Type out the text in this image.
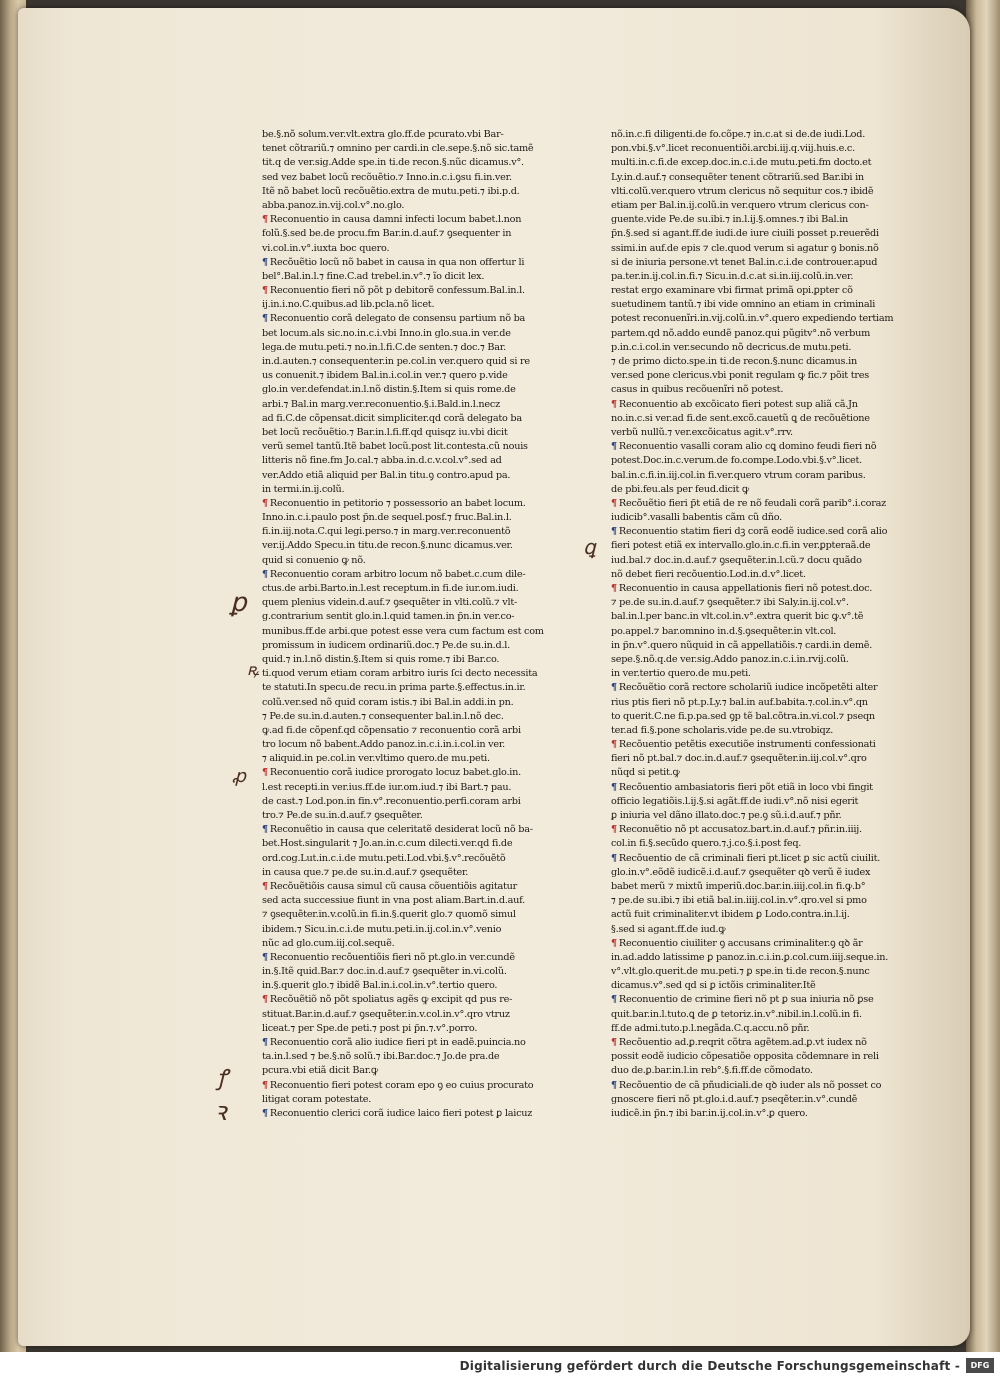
be.§.nõ solum.ver.vlt.extra glo.ff.de pcurato.vbi Bar-
tenet cõtrariũ.⁊ omnino per cardi.in cle.sepe.§.nõ sic.tamẽ
tit.q de ver.sig.Adde spe.in ti.de recon.§.nũc dicamus.v°.
sed vez babet locũ recõuẽtio.⁊ Inno.in.c.i.ꝯsu fi.in.ver.
Itẽ nõ babet locũ recõuẽtio.extra de mutu.peti.⁊ ibi.p.d.
abba.panoz.in.vij.col.v°.no.glo.
¶ Reconuentio in causa damni infecti locum babet.l.non
folũ.§.sed be.de procu.fm Bar.in.d.auf.⁊ ꝯsequenter in
vi.col.in.v°.iuxta boc quero.
¶ Recõuẽtio locũ nõ babet in causa in qua non offertur li
bel°.Bal.in.l.⁊ fine.C.ad trebel.in.v°.⁊ ĩo dicit lex.
¶ Reconuentio fieri nõ põt p debitorẽ confessum.Bal.in.l.
ij.in.i.no.C.quibus.ad lib.pcla.nõ licet.
¶ Reconuentio corã delegato de consensu partium nõ ba
bet locum.als sic.no.in.c.i.vbi Inno.in glo.sua.in ver.de
lega.de mutu.peti.⁊ no.in.l.fi.C.de senten.⁊ doc.⁊ Bar.
in.d.auten.⁊ consequenter.in pe.col.in ver.quero quid si re
us conuenit.⁊ ibidem Bal.in.i.col.in ver.⁊ quero p.vide
glo.in ver.defendat.in.l.nõ distin.§.Item si quis rome.de
arbi.⁊ Bal.in marg.ver.reconuentio.§.i.Bald.in.l.necz
ad fi.C.de cõpensat.dicit simpliciter.qd corã delegato ba
bet locũ recõuẽtio.⁊ Bar.in.l.fi.ff.qd quisqz iu.vbi dicit
verũ semel tantũ.Itẽ babet locũ.post lit.contesta.cũ nouis
litteris nõ fine.fm Jo.cal.⁊ abba.in.d.c.v.col.v°.sed ad
ver.Addo etiã aliquid per Bal.in titu.ꝯ contro.apud pa.
in termi.in.ij.colũ.
¶ Reconuentio in petitorio ⁊ possessorio an babet locum.
Inno.in.c.i.paulo post p̃n.de sequel.posf.⁊ fruc.Bal.in.l.
fi.in.iij.nota.C.qui legi.perso.⁊ in marg.ver.reconuentõ
ver.ij.Addo Specu.in titu.de recon.§.nunc dicamus.ver.
quid si conuenio ꝙ nõ.
¶ Reconuentio coram arbitro locum nõ babet.c.cum dile-
ctus.de arbi.Barto.in.l.est receptum.in fi.de iur.om.iudi.
quem plenius videin.d.auf.⁊ ꝯsequẽter in vlti.colũ.⁊ vlt-
g.contrarium sentit glo.in.l.quid tamen.in p̃n.in ver.co-
munibus.ff.de arbi.que potest esse vera cum factum est com
promissum in iudicem ordinariũ.doc.⁊ Pe.de su.in.d.l.
quid.⁊ in.l.nõ distin.§.Item si quis rome.⁊ ibi Bar.co.
ti.quod verum etiam coram arbitro iuris ſci decto necessita
te statuti.In specu.de recu.in prima parte.§.effectus.in.ir.
colũ.ver.sed nõ quid coram istis.⁊ ibi Bal.in addi.in pn.
⁊ Pe.de su.in.d.auten.⁊ consequenter bal.in.l.nõ dec.
ꝙ.ad fi.de cõpenf.qd cõpensatio ⁊ reconuentio corã arbi
tro locum nõ babent.Addo panoz.in.c.i.in.i.col.in ver.
⁊ aliquid.in pe.col.in ver.vltimo quero.de mu.peti.
¶ Reconuentio corã iudice prorogato locuz babet.glo.in.
l.est recepti.in ver.ius.ff.de iur.om.iud.⁊ ibi Bart.⁊ pau.
de cast.⁊ Lod.pon.in fin.v°.reconuentio.perfi.coram arbi
tro.⁊ Pe.de su.in.d.auf.⁊ ꝯsequẽter.
¶ Reconuẽtio in causa que celeritatẽ desiderat locũ nõ ba-
bet.Host.singularit ⁊ Jo.an.in.c.cum dilecti.ver.qd fi.de
ord.cog.Lut.in.c.i.de mutu.peti.Lod.vbi.§.v°.recõuẽtõ
in causa que.⁊ pe.de su.in.d.auf.⁊ ꝯsequẽter.
¶ Recõuẽtiõis causa simul cũ causa cõuentiõis agitatur
sed acta successiue fiunt in vna post aliam.Bart.in.d.auf.
⁊ ꝯsequẽter.in.v.colũ.in fi.in.§.querit glo.⁊ quomõ simul
ibidem.⁊ Sicu.in.c.i.de mutu.peti.in.ij.col.in.v°.venio
nũc ad glo.cum.iij.col.sequẽ.
¶ Reconuentio recõuentiõis fieri nõ pt.glo.in ver.cundẽ
in.§.Itẽ quid.Bar.⁊ doc.in.d.auf.⁊ ꝯsequẽter in.vi.colũ.
in.§.querit glo.⁊ ibidẽ Bal.in.i.col.in.v°.tertio quero.
¶ Recõuẽtiõ nõ põt spoliatus agẽs ꝙ excipit qd pus re-
stituat.Bar.in.d.auf.⁊ ꝯsequẽter.in.v.col.in.v°.qro vtruz
liceat.⁊ per Spe.de peti.⁊ post pi p̃n.⁊.v°.porro.
¶ Reconuentio corã alio iudice fieri pt in eadẽ.puincia.no
ta.in.l.sed ⁊ be.§.nõ solũ.⁊ ibi.Bar.doc.⁊ Jo.de pra.de
pcura.vbi etiã dicit Bar.ꝙ
¶ Reconuentio fieri potest coram epo ꝯ eo cuius procurato
litigat coram potestate.
¶ Reconuentio clerici corã iudice laico fieri potest ꝑ laicuz
nõ.in.c.fi diligenti.de fo.cõpe.⁊ in.c.at si de.de iudi.Lod.
pon.vbi.§.v°.licet reconuentiõi.arcbi.iij.q.viij.huis.e.c.
multi.in.c.fi.de excep.doc.in.c.i.de mutu.peti.fm docto.et
Ly.in.d.auf.⁊ consequẽter tenent cõtrariũ.sed Bar.ibi in
vlti.colũ.ver.quero vtrum clericus nõ sequitur cos.⁊ ibidẽ
etiam per Bal.in.ij.colũ.in ver.quero vtrum clericus con-
guente.vide Pe.de su.ibi.⁊ in.l.ij.§.omnes.⁊ ibi Bal.in
p̃n.§.sed si agant.ff.de iudi.de iure ciuili posset p.reuerẽdi
ssimi.in auf.de epis ⁊ cle.quod verum si agatur ꝯ bonis.nõ
si de iniuria persone.vt tenet Bal.in.c.i.de controuer.apud
pa.ter.in.ij.col.in.fi.⁊ Sicu.in.d.c.at si.in.iij.colũ.in.ver.
restat ergo examinare vbi firmat primã opi.ꝑpter cõ
suetudinem tantũ.⁊ ibi vide omnino an etiam in criminali
potest reconuenĩri.in.vij.colũ.in.v°.quero expediendo tertiam
partem.qd nõ.addo eundẽ panoz.qui pũgitv°.nõ verbum
p.in.c.i.col.in ver.secundo nõ decricus.de mutu.peti.
⁊ de primo dicto.spe.in ti.de recon.§.nunc dicamus.in
ver.sed pone clericus.vbi ponit regulam ꝙ fic.⁊ põit tres
casus in quibus recõuenĩri nõ potest.
¶ Reconuentio ab excõicato fieri potest sup aliã cã.Jn
no.in.c.si ver.ad fi.de sent.excõ.cauetũ ꝗ de recõuẽtione
verbũ nullũ.⁊ ver.excõicatus agit.v°.rrv.
¶ Reconuentio vasalli coram alio cꝗ domino feudi fieri nõ
potest.Doc.in.c.verum.de fo.compe.Lodo.vbi.§.v°.licet.
bal.in.c.fi.in.iij.col.in fi.ver.quero vtrum coram paribus.
de pbi.feu.als per feud.dicit ꝙ
¶ Recõuẽtio fieri p̃t etiã de re nõ feudali corã parib°.i.coraz
iudicib°.vasalli babentis cãm cũ dño.
¶ Reconuentio statim fieri dꝫ corã eodẽ iudice.sed corã alio
fieri potest etiã ex intervallo.glo.in.c.fi.in ver.ꝑpteraã.de
iud.bal.⁊ doc.in.d.auf.⁊ ꝯsequẽter.in.l.cũ.⁊ docu quãdo
nõ debet fieri recõuentio.Lod.in.d.v°.licet.
¶ Reconuentio in causa appellationis fieri nõ potest.doc.
⁊ pe.de su.in.d.auf.⁊ ꝯsequẽter.⁊ ibi Saly.in.ij.col.v°.
bal.in.l.per banc.in vlt.col.in.v°.extra querit bic ꝙ.v°.tẽ
po.appel.⁊ bar.omnino in.d.§.ꝯsequẽter.in vlt.col.
in p̃n.v°.quero nũquid in cã appellatiõis.⁊ cardi.in demẽ.
sepe.§.nõ.q.de ver.sig.Addo panoz.in.c.i.in.rvij.colũ.
in ver.tertio quero.de mu.peti.
¶ Recõuẽtio corã rectore scholariũ iudice incõpetẽti alter
rius ptis fieri nõ pt.p.Ly.⁊ bal.in auf.babita.⁊.col.in.v°.qn
to querit.C.ne fi.p.pa.sed ꝯp tẽ bal.cõtra.in.vi.col.⁊ pseqn
ter.ad fi.§.pone scholaris.vide pe.de su.vtrobiqz.
¶ Recõuentio petẽtis executiõe instrumenti confessionati
fieri nõ pt.bal.⁊ doc.in.d.auf.⁊ ꝯsequẽter.in.iij.col.v°.qro
nũqd si petit.ꝙ
¶ Recõuentio ambasiatoris fieri põt etiã in loco vbi fingit
officio legatiõis.l.ij.§.si agãt.ff.de iudi.v°.nõ nisi egerit
ꝑ iniuria vel dãno illato.doc.⁊ pe.ꝯ sũ.i.d.auf.⁊ pñr.
¶ Reconuẽtio nõ pt accusatoz.bart.in.d.auf.⁊ pñr.in.iiij.
col.in fi.§.secũdo quero.⁊.j.co.§.i.post feq.
¶ Recõuentio de cã criminali fieri pt.licet ꝑ sic actũ ciuilit.
glo.in.v°.eõdẽ iudicẽ.i.d.auf.⁊ ꝯsequẽter qꝺ verũ ẽ iudex
babet merũ ⁊ mixtũ imperiũ.doc.bar.in.iiij.col.in fi.ꝙ.b°
⁊ pe.de su.ibi.⁊ ibi etiã bal.in.iiij.col.in.v°.qro.vel si pmo
actũ fuit criminaliter.vt ibidem ꝑ Lodo.contra.in.l.ij.
§.sed si agant.ff.de iud.ꝙ
¶ Reconuentio ciuiliter ꝯ accusans criminaliter.ꝯ qꝺ ãr
in.ad.addo latissime ꝑ panoz.in.c.i.in.ꝑ.col.cum.iiij.seque.in.
v°.vlt.glo.querit.de mu.peti.⁊ ꝑ spe.in ti.de recon.§.nunc
dicamus.v°.sed qd si ꝑ ictõis criminaliter.Itẽ
¶ Reconuentio de crimine fieri nõ pt ꝑ sua iniuria nõ ꝑse
quit.bar.in.l.tuto.ꝗ de ꝑ tetoriz.in.v°.nibil.in.l.colũ.in fi.
ff.de admi.tuto.p.l.negãda.C.q.accu.nõ pñr.
¶ Recõuentio ad.ꝑ.reqrit cõtra agẽtem.ad.ꝑ.vt iudex nõ
possit eodẽ iudicio cõpesatiõe opposita cõdemnare in reli
duo de.ꝑ.bar.in.l.in reb°.§.fi.ff.de cõmodato.
¶ Recõuentio de cã pñudiciali.de qꝺ iuder als nõ posset co
gnoscere fieri nõ pt.glo.i.d.auf.⁊ pseqẽter.in.v°.cundẽ
iudicẽ.in p̃n.⁊ ibi bar.in.ij.col.in.v°.ꝑ quero.
ꝑ
ꝶ
ꝓ
ꝗ
ꝭ
ꝛ
Digitalisierung gefördert durch die Deutsche Forschungsgemeinschaft -	DFG
